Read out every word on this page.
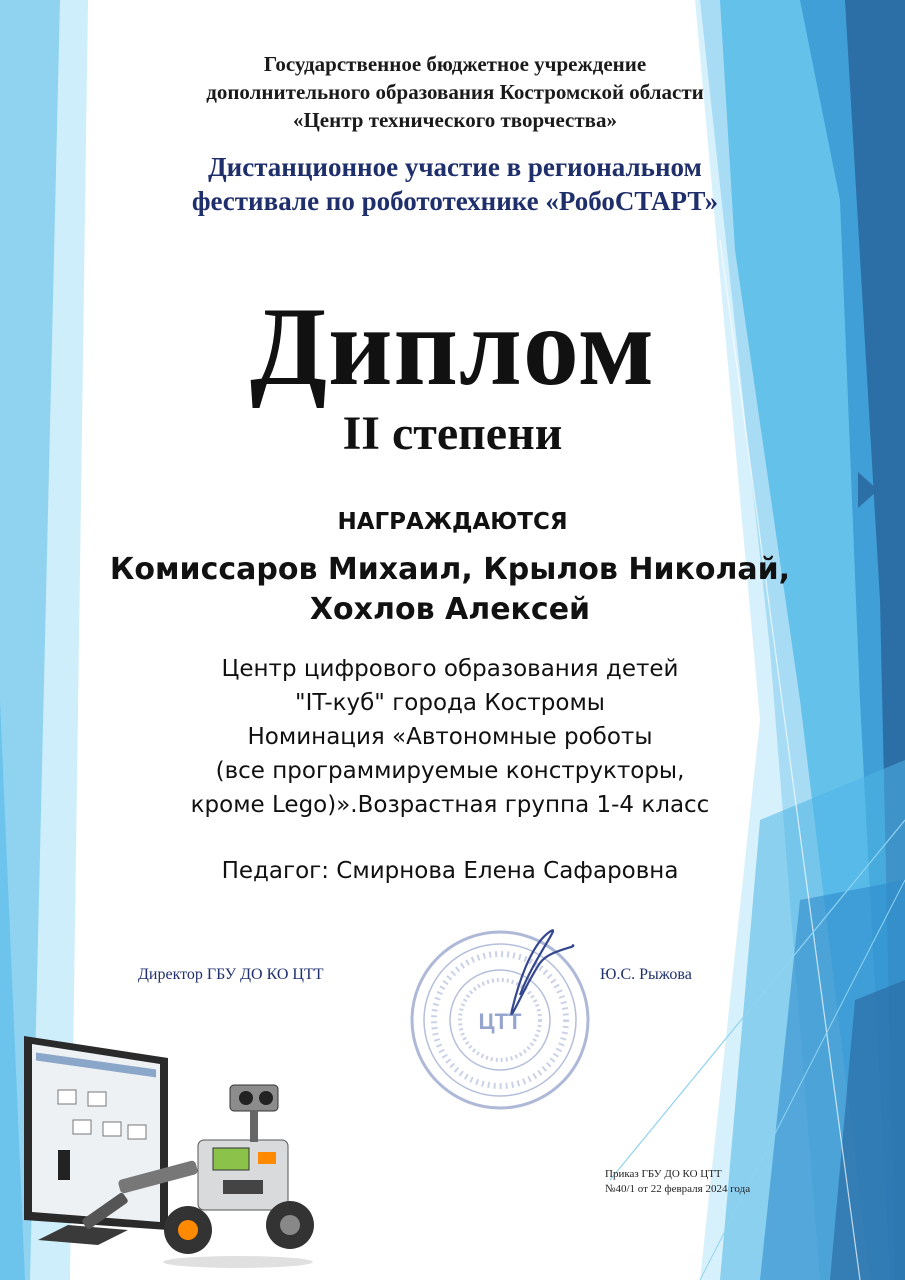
Государственное бюджетное учреждение
дополнительного образования Костромской области
«Центр технического творчества»
Дистанционное участие в региональном
фестивале по робототехнике «РобоСТАРТ»
Диплом
II степени
НАГРАЖДАЮТСЯ
Комиссаров Михаил, Крылов Николай,
Хохлов Алексей
Центр цифрового образования детей
"IT-куб" города Костромы
Номинация «Автономные роботы
(все программируемые конструкторы,
кроме Lego)».Возрастная группа 1-4 класс
Педагог: Смирнова Елена Сафаровна
Директор ГБУ ДО КО ЦТТ	Ю.С. Рыжова
ЦТТ
Приказ ГБУ ДО КО ЦТТ
№40/1 от 22 февраля 2024 года
